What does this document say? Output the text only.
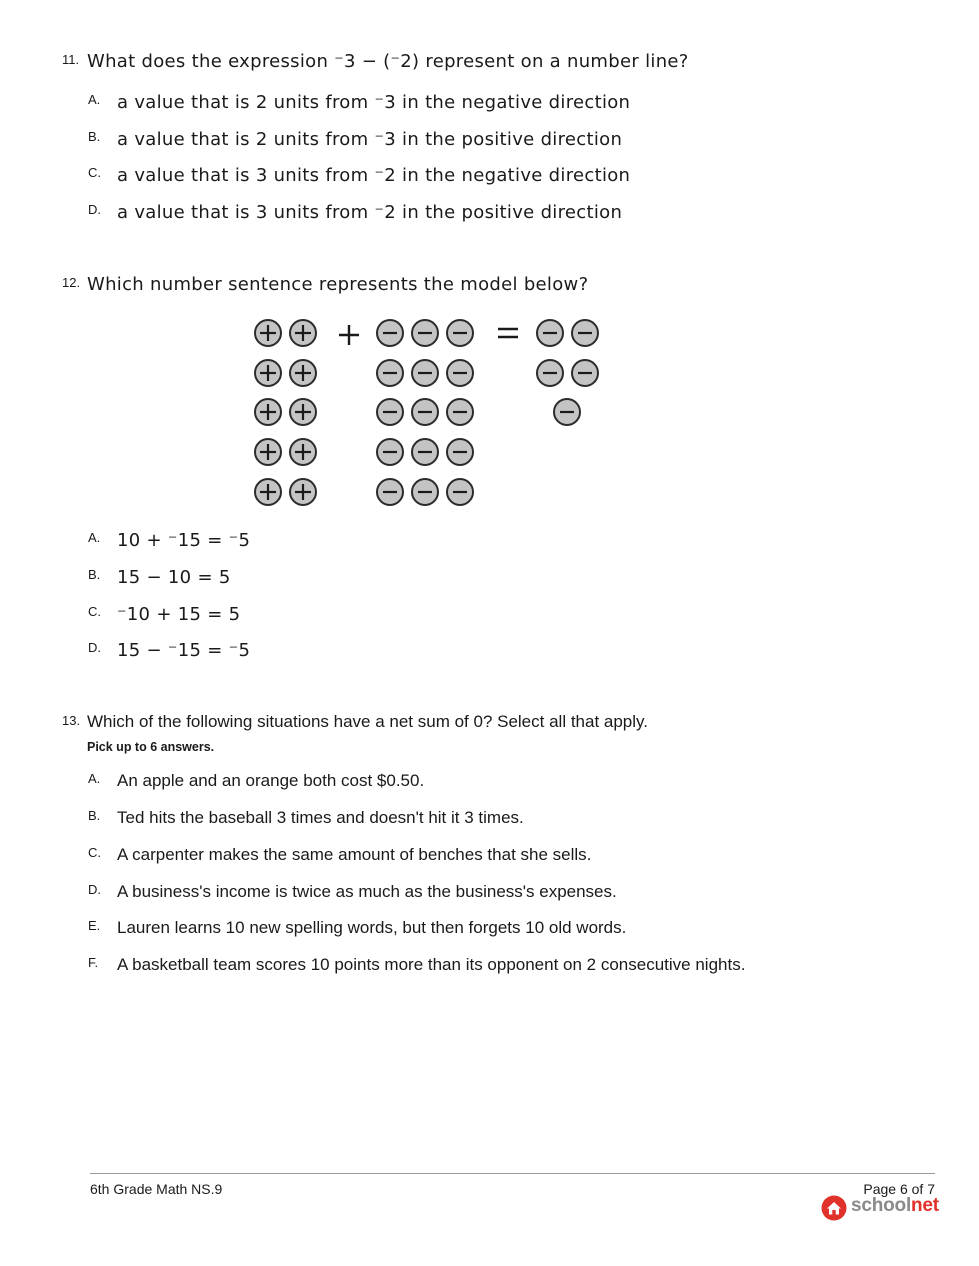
11. What does the expression ⁻3 − (⁻2) represent on a number line?
A. a value that is 2 units from ⁻3 in the negative direction
B. a value that is 2 units from ⁻3 in the positive direction
C. a value that is 3 units from ⁻2 in the negative direction
D. a value that is 3 units from ⁻2 in the positive direction
12. Which number sentence represents the model below?
A. 10 + ⁻15 = ⁻5
B. 15 − 10 = 5
C. ⁻10 + 15 = 5
D. 15 − ⁻15 = ⁻5
13. Which of the following situations have a net sum of 0? Select all that apply.
Pick up to 6 answers.
A. An apple and an orange both cost $0.50.
B. Ted hits the baseball 3 times and doesn't hit it 3 times.
C. A carpenter makes the same amount of benches that she sells.
D. A business's income is twice as much as the business's expenses.
E. Lauren learns 10 new spelling words, but then forgets 10 old words.
F. A basketball team scores 10 points more than its opponent on 2 consecutive nights.
6th Grade Math NS.9	Page 6 of 7
schoolnet
